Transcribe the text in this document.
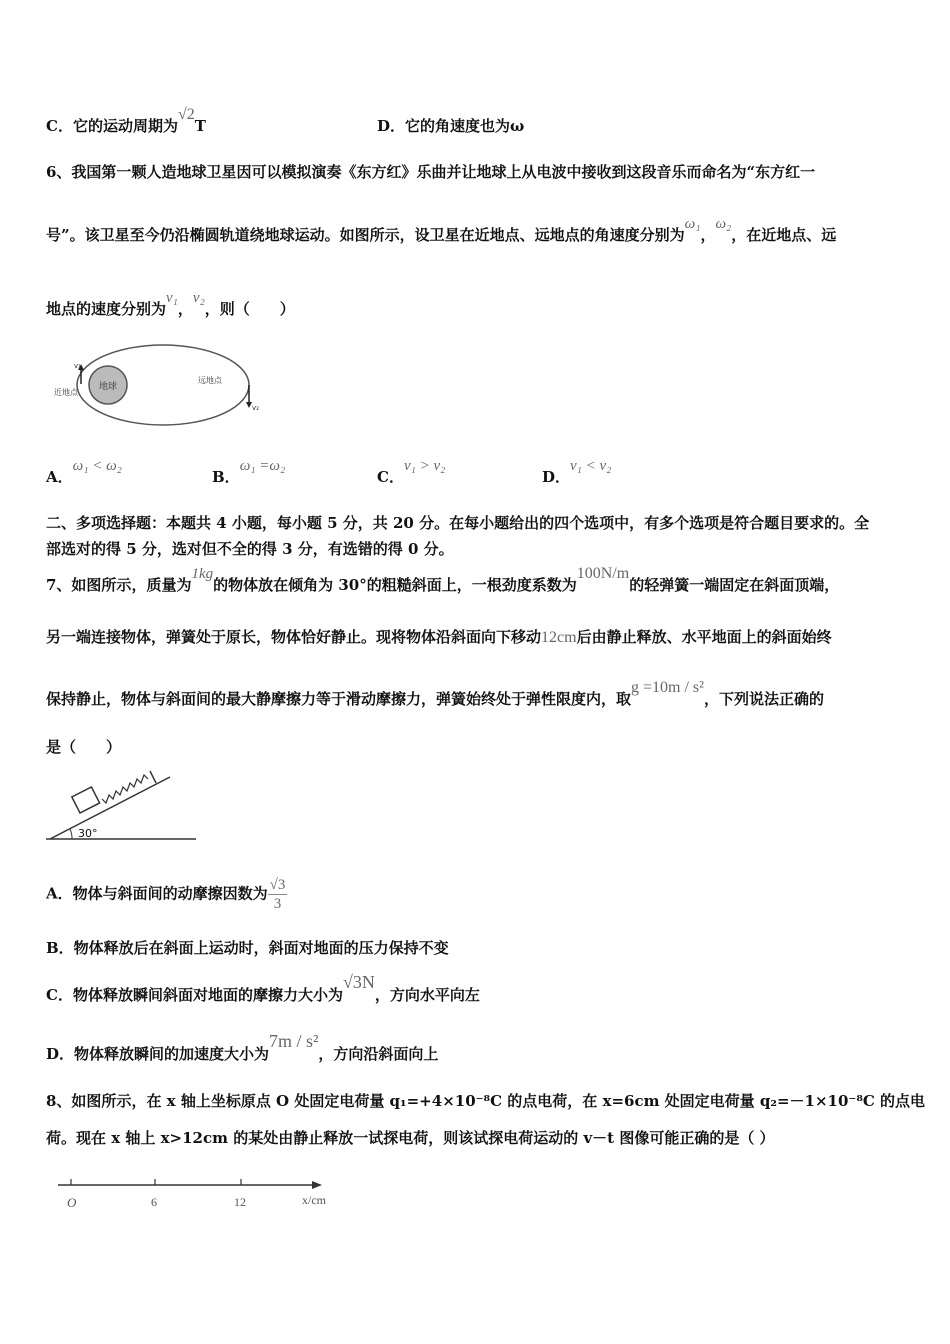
C．它的运动周期为√2T	D．它的角速度也为ω
6、我国第一颗人造地球卫星因可以模拟演奏《东方红》乐曲并让地球上从电波中接收到这段音乐而命名为“东方红一
号”。该卫星至今仍沿椭圆轨道绕地球运动。如图所示，设卫星在近地点、远地点的角速度分别为ω₁，ω₂，在近地点、远
地点的速度分别为v₁，v₂，则（　　）
地球
近地点
远地点
v₁
v₂
A．ω₁ < ω₂
B．ω₁ =ω₂
C．v₁ > v₂
D．v₁ < v₂
二、多项选择题：本题共 4 小题，每小题 5 分，共 20 分。在每小题给出的四个选项中，有多个选项是符合题目要求的。全
部选对的得 5 分，选对但不全的得 3 分，有选错的得 0 分。
7、如图所示，质量为1kg的物体放在倾角为 30°的粗糙斜面上，一根劲度系数为100N/m的轻弹簧一端固定在斜面顶端，
另一端连接物体，弹簧处于原长，物体恰好静止。现将物体沿斜面向下移动12cm后由静止释放、水平地面上的斜面始终
保持静止，物体与斜面间的最大静摩擦力等于滑动摩擦力，弹簧始终处于弹性限度内，取g =10m / s²，下列说法正确的
是（　　）
30°
A．物体与斜面间的动摩擦因数为 $\frac{√3}{3}$
B．物体释放后在斜面上运动时，斜面对地面的压力保持不变
C．物体释放瞬间斜面对地面的摩擦力大小为√3N，方向水平向左
D．物体释放瞬间的加速度大小为7m / s²，方向沿斜面向上
8、如图所示，在 x 轴上坐标原点 O 处固定电荷量 q₁=+4×10⁻⁸C 的点电荷，在 x=6cm 处固定电荷量 q₂=－1×10⁻⁸C 的点电
荷。现在 x 轴上 x>12cm 的某处由静止释放一试探电荷，则该试探电荷运动的 v－t 图像可能正确的是（ ）
O	6	12	x/cm
